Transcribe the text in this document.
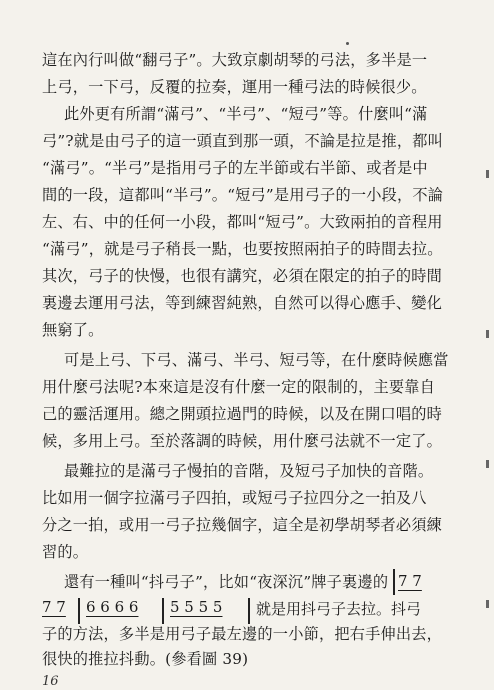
這在內行叫做“翻弓子”。大致京劇胡琴的弓法，多半是一
上弓，一下弓，反覆的拉奏，運用一種弓法的時候很少。
此外更有所謂“滿弓”、“半弓”、“短弓”等。什麼叫“滿
弓”?就是由弓子的這一頭直到那一頭，不論是拉是推，都叫
“滿弓”。“半弓”是指用弓子的左半節或右半節、或者是中
間的一段，這都叫“半弓”。“短弓”是用弓子的一小段，不論
左、右、中的任何一小段，都叫“短弓”。大致兩拍的音程用
“滿弓”，就是弓子稍長一點，也要按照兩拍子的時間去拉。
其次，弓子的快慢，也很有講究，必須在限定的拍子的時間
裏邊去運用弓法，等到練習純熟，自然可以得心應手、變化
無窮了。
可是上弓、下弓、滿弓、半弓、短弓等，在什麼時候應當
用什麼弓法呢?本來這是沒有什麼一定的限制的，主要靠自
己的靈活運用。總之開頭拉過門的時候，以及在開口唱的時
候，多用上弓。至於落調的時候，用什麼弓法就不一定了。
最難拉的是滿弓子慢拍的音階，及短弓子加快的音階。
比如用一個字拉滿弓子四拍，或短弓子拉四分之一拍及八
分之一拍，或用一弓子拉幾個字，這全是初學胡琴者必須練
習的。
還有一種叫“抖弓子”，比如“夜深沉”牌子裏邊的 7 7
7 7 6 6 6 6 5 5 5 5 就是用抖弓子去拉。抖弓
16
子的方法，多半是用弓子最左邊的一小節，把右手伸出去，
很快的推拉抖動。(參看圖 39)
